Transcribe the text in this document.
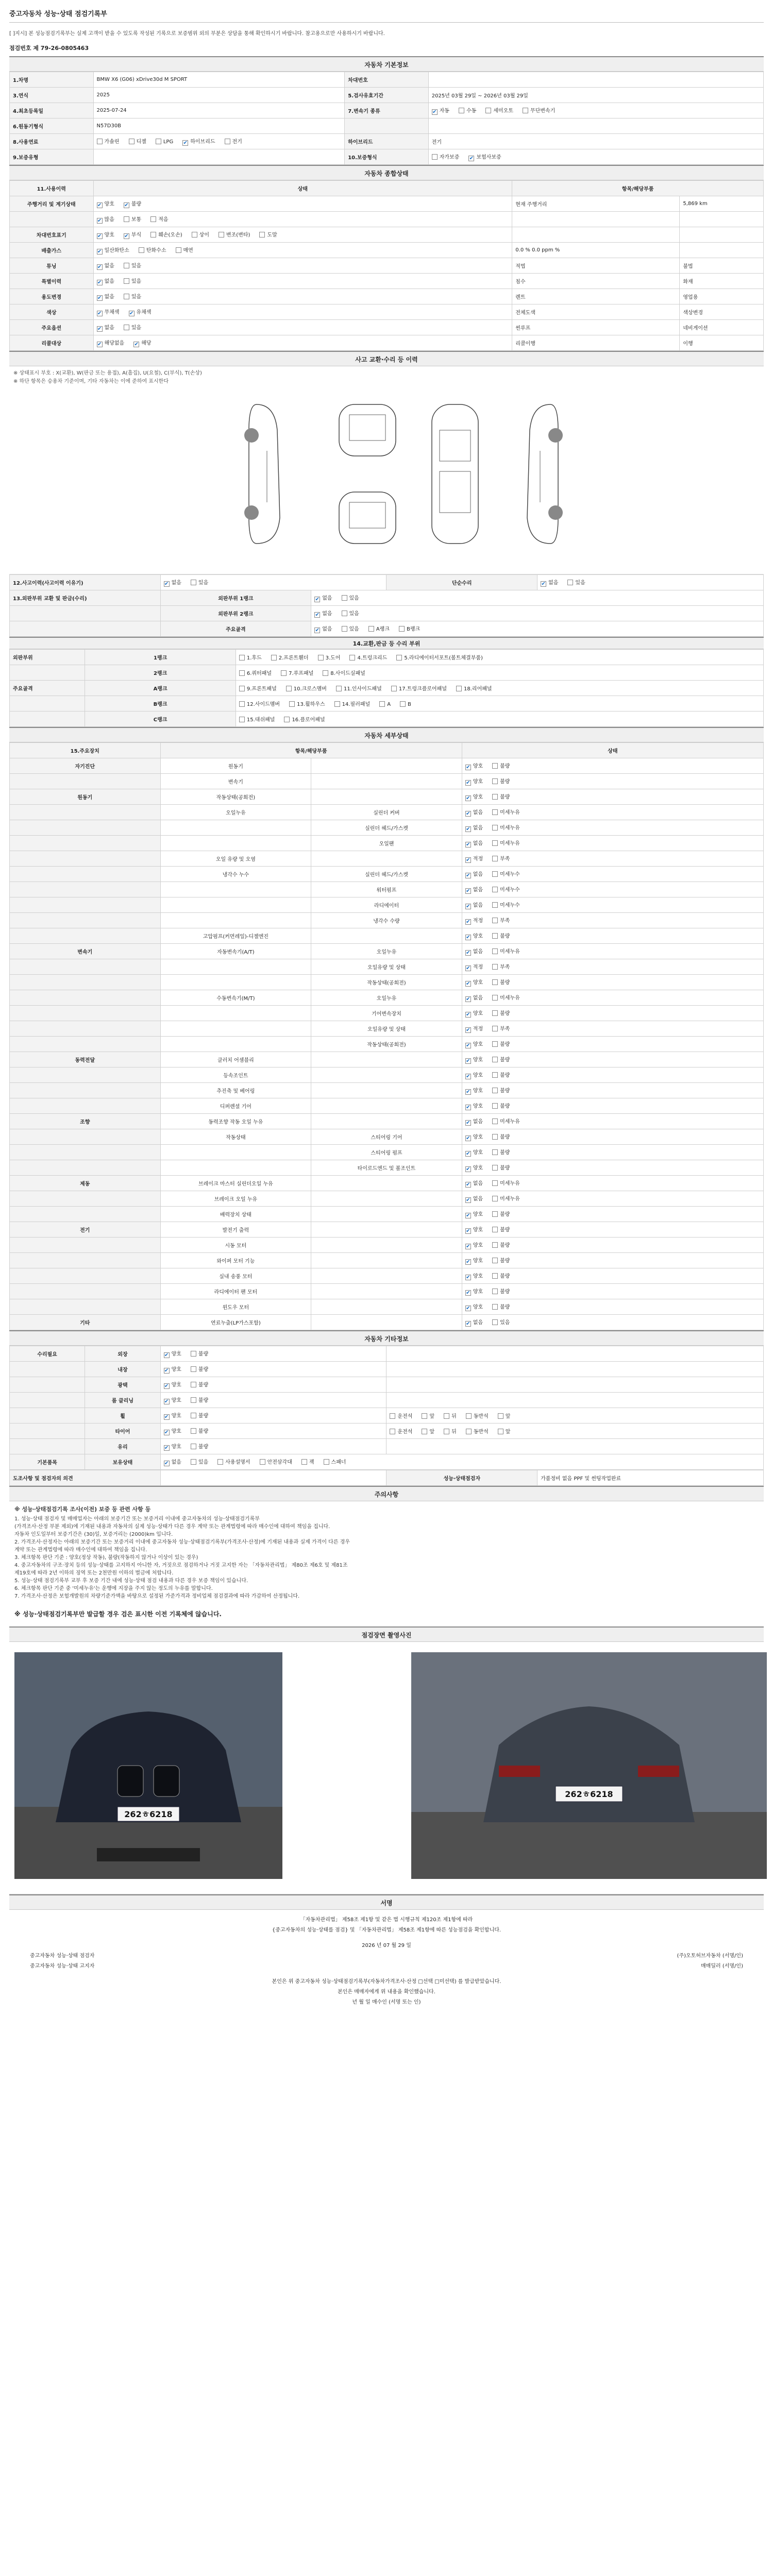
중고자동차 성능·상태 점검기록부
[ ]지시] 본 성능점검기록부는 실제 고객이 받을 수 있도록 작성된 기록으로 보증범위 외의 부분은 상담을 통해 확인하시기 바랍니다. 참고용으로만 사용하시기 바랍니다.
점검번호 제 79-26-0805463
자동차 기본정보
1.차명	BMW X6 (G06) xDrive30d M SPORT	차대번호	
3.연식	2025	5.검사유효기간	2025년 03월 29일 ~ 2026년 03월 29일
4.최초등록일	2025-07-24	7.변속기 종류	✔자동 수동 세미오토 무단변속기
6.원동기형식	N57D30B		
8.사용연료	가솔린 디젤 LPG ✔ 하이브리드 전기	하이브리드	전기
9.보증유형		10.보증형식	자가보증 ✔ 보험사보증
자동차 종합상태
11.사용이력	상태	항목/해당부품	
주행거리 및 계기상태	✔양호 ✔ 불량	현재 주행거리	5,869 km
	✔많음 보통 적음		
차대번호표기	✔양호 ✔ 부식 훼손(오손) 상이 변조(변타) 도말		
배출가스	✔일산화탄소 탄화수소 매연	0.0 % 0.0 ppm %	
튜닝	✔없음 있음	적법	불법
특별이력	✔없음 있음	침수	화재
용도변경	✔없음 있음	렌트	영업용
색상	✔무채색 ✔ 유채색	전체도색	색상변경
주요옵션	✔없음 있음	썬루프	네비게이션
리콜대상	✔해당없음 ✔ 해당	리콜이행	이행
사고 교환·수리 등 이력
※ 상태표시 부호 : X(교환), W(판금 또는 용접), A(흠집), U(요철), C(부식), T(손상)
※ 하단 항목은 승용차 기준이며, 기타 자동차는 이에 준하여 표시한다
12.사고이력(사고이력 이유기)	✔없음 있음		단순수리	✔없음 있음
13.외판부위 교환 및 판금(수리)	외판부위 1랭크	✔없음 있음
	외판부위 2랭크	✔없음 있음
	주요골격	✔없음 있음 A랭크 B랭크
14.교환,판금 등 수리 부위
외판부위	1랭크	1.후드 2.프론트휀더 3.도어 4.트렁크리드 5.라디에이터서포트(볼트체결부품)
	2랭크	6.쿼터패널 7.루프패널 8.사이드실패널
주요골격	A랭크	9.프론트패널 10.크로스멤버 11.인사이드패널 17.트렁크플로어패널 18.리어패널
	B랭크	12.사이드멤버 13.휠하우스 14.필러패널 A B
	C랭크	15.대쉬패널 16.플로어패널
자동차 세부상태
15.주요장치	항목/해당부품		상태
자기진단	원동기		✔양호 불량
	변속기		✔양호 불량
원동기	작동상태(공회전)		✔양호 불량
	오일누유	실린더 커버	✔없음 미세누유
		실린더 헤드/가스켓	✔없음 미세누유
		오일팬	✔없음 미세누유
	오일 유량 및 오염		✔적정 부족
	냉각수 누수	실린더 헤드/가스켓	✔없음 미세누수
		워터펌프	✔없음 미세누수
		라디에이터	✔없음 미세누수
		냉각수 수량	✔적정 부족
	고압펌프(커먼레일)-디젤엔진		✔양호 불량
변속기	자동변속기(A/T)	오일누유	✔없음 미세누유
		오일유량 및 상태	✔적정 부족
		작동상태(공회전)	✔양호 불량
	수동변속기(M/T)	오일누유	✔없음 미세누유
		기어변속장치	✔양호 불량
		오일유량 및 상태	✔적정 부족
		작동상태(공회전)	✔양호 불량
동력전달	클러치 어셈블리		✔양호 불량
	등속조인트		✔양호 불량
	추진축 및 베어링		✔양호 불량
	디퍼렌셜 기어		✔양호 불량
조향	동력조향 작동 오일 누유		✔없음 미세누유
	작동상태	스티어링 기어	✔양호 불량
		스티어링 펌프	✔양호 불량
		타이로드엔드 및 볼조인트	✔양호 불량
제동	브레이크 마스터 실린더오일 누유		✔없음 미세누유
	브레이크 오일 누유		✔없음 미세누유
	배력장치 상태		✔양호 불량
전기	발전기 출력		✔양호 불량
	시동 모터		✔양호 불량
	와이퍼 모터 기능		✔양호 불량
	실내 송풍 모터		✔양호 불량
	라디에이터 팬 모터		✔양호 불량
	윈도우 모터		✔양호 불량
기타	연료누출(LP가스포함)		✔없음 있음
자동차 기타정보
수리필요	외장	✔양호 불량	
	내장	✔양호 불량	
	광택	✔양호 불량	
	룸 클리닝	✔양호 불량	
	휠	✔양호 불량	운전석 앞 뒤 동반석 앞
	타이어	✔양호 불량	운전석 앞 뒤 동반석 앞
	유리	✔양호 불량	
기본품목	보유상태	✔없음 있음 사용설명서 안전삼각대 잭 스패너
도조사항 및 점검자의 의견		성능·상태점검자	가품정비 없음 PPF 및 썬팅작업완료
주의사항
※ 성능·상태점검기록 조사(이전) 보증 등 관련 사항 등
1. 성능·상태 점검자 및 매매업자는 아래의 보증기간 또는 보증거리 이내에 중고자동차의 성능·상태점검기록부
(가격조사·산정 부분 제외)에 기재된 내용과 자동차의 실제 성능·상태가 다른 경우 계약 또는 관계법령에 따라 매수인에 대하여 책임을 집니다.
자동차 인도일부터 보증기간은 (30)일, 보증거리는 (2000)km 입니다.
2. 가격조사·산정자는 아래의 보증기간 또는 보증거리 이내에 중고자동차 성능·상태점검기록부(가격조사·산정)에 기재된 내용과 실제 가격이 다른 경우
계약 또는 관계법령에 따라 매수인에 대하여 책임을 집니다.
3. 체크항목 판단 기준 : 양호(정상 작동), 불량(작동하지 않거나 이상이 있는 경우)
4. 중고자동차의 구조·장치 등의 성능·상태를 고지하지 아니한 자, 거짓으로 점검하거나 거짓 고지한 자는 「자동차관리법」 제80조 제6호 및 제81조
제19호에 따라 2년 이하의 징역 또는 2천만원 이하의 벌금에 처합니다.
5. 성능·상태 점검기록부 교부 후 보증 기간 내에 성능·상태 점검 내용과 다른 경우 보증 책임이 있습니다.
6. 체크항목 판단 기준 중 '미세누유'는 운행에 지장을 주지 않는 정도의 누유를 말합니다.
7. 가격조사·산정은 보험개발원의 차량기준가액을 바탕으로 설정된 가준가격과 정비업체 점검결과에 따라 가감하여 산정됩니다.
※ 성능·상태점검기록부만 발급할 경우 검은 표시한 이전 기록체에 않습니다.
점검장면 촬영사진
262ㅎ6218
262ㅎ6218
서명
「자동차관리법」 제58조 제1항 및 같은 법 시행규칙 제120조 제1항에 따라
{중고자동차의 성능·상태를 점검} 및 「자동차관리법」 제58조 제1항에 따른 성능점검을 확인합니다.
2026 년 07 월 29 일
중고자동차 성능·상태 점검자	(주)오토허브자동차 (서명/인)
중고자동차 성능·상태 고지자	매매딜러 (서명/인)
본인은 위 중고자동차 성능·상태점검기록부(자동차가격조사·산정 □선택 □미선택) 를 발급받았습니다.
본인은 매매자에게 위 내용을 확인했습니다.
년 월 일 매수인 (서명 또는 인)
